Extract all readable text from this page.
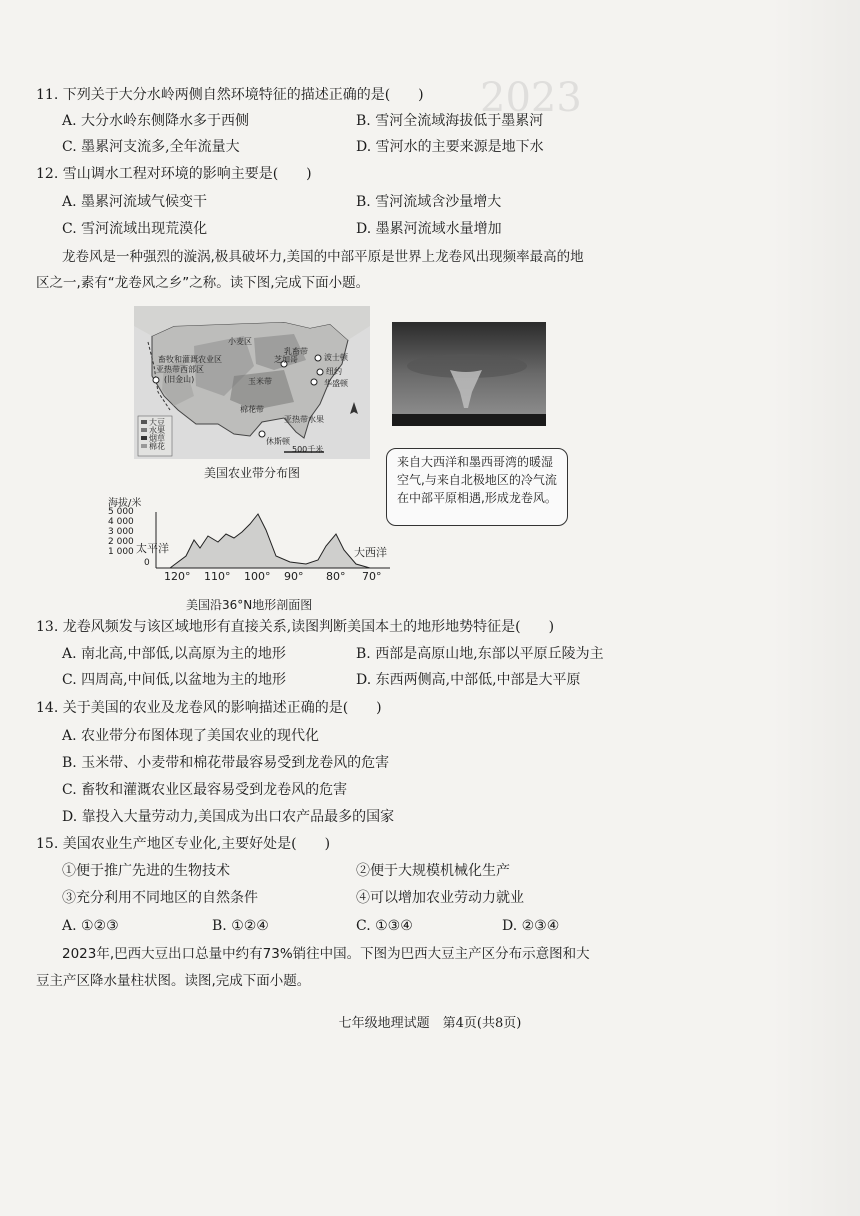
2023
11. 下列关于大分水岭两侧自然环境特征的描述正确的是(　　)
A. 大分水岭东侧降水多于西侧	B. 雪河全流域海拔低于墨累河
C. 墨累河支流多,全年流量大	D. 雪河水的主要来源是地下水
12. 雪山调水工程对环境的影响主要是(　　)
A. 墨累河流域气候变干	B. 雪河流域含沙量增大
C. 雪河流域出现荒漠化	D. 墨累河流域水量增加
龙卷风是一种强烈的漩涡,极具破坏力,美国的中部平原是世界上龙卷风出现频率最高的地
区之一,素有“龙卷风之乡”之称。读下图,完成下面小题。
小麦区
乳畜带
畜牧和灌溉农业区
亚热带西部区
(旧金山)
波士顿
纽约
芝加哥
华盛顿
玉米带
棉花带
亚热带水果
休斯顿
大豆
水果
烟草
棉花	500千米
美国农业带分布图
来自大西洋和墨西哥湾的暖湿空气,与来自北极地区的冷气流在中部平原相遇,形成龙卷风。
海拔/米
5 000
4 000
3 000
2 000
1 000
0
太平洋	大西洋
120° 110° 100° 90° 80° 70°
美国沿36°N地形剖面图
13. 龙卷风频发与该区域地形有直接关系,读图判断美国本土的地形地势特征是(　　)
A. 南北高,中部低,以高原为主的地形	B. 西部是高原山地,东部以平原丘陵为主
C. 四周高,中间低,以盆地为主的地形	D. 东西两侧高,中部低,中部是大平原
14. 关于美国的农业及龙卷风的影响描述正确的是(　　)
A. 农业带分布图体现了美国农业的现代化
B. 玉米带、小麦带和棉花带最容易受到龙卷风的危害
C. 畜牧和灌溉农业区最容易受到龙卷风的危害
D. 靠投入大量劳动力,美国成为出口农产品最多的国家
15. 美国农业生产地区专业化,主要好处是(　　)
①便于推广先进的生物技术	②便于大规模机械化生产
③充分利用不同地区的自然条件	④可以增加农业劳动力就业
A. ①②③	B. ①②④	C. ①③④	D. ②③④
2023年,巴西大豆出口总量中约有73%销往中国。下图为巴西大豆主产区分布示意图和大
豆主产区降水量柱状图。读图,完成下面小题。
七年级地理试题　第4页(共8页)
